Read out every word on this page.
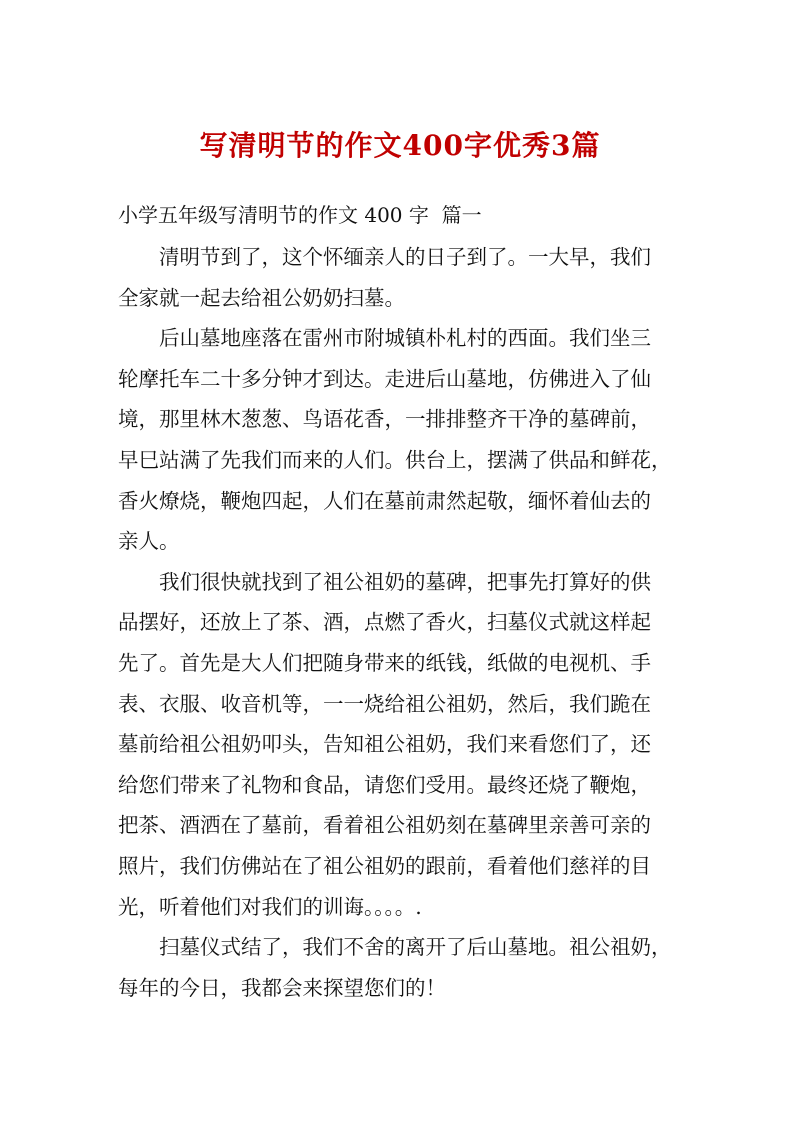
写清明节的作文400字优秀3篇
小学五年级写清明节的作文 400 字  篇一
　　清明节到了，这个怀缅亲人的日子到了。一大早，我们
全家就一起去给祖公奶奶扫墓。
　　后山墓地座落在雷州市附城镇朴札村的西面。我们坐三
轮摩托车二十多分钟才到达。走进后山墓地，仿佛进入了仙
境，那里林木葱葱、鸟语花香，一排排整齐干净的墓碑前，
早巳站满了先我们而来的人们。供台上，摆满了供品和鲜花，
香火燎烧，鞭炮四起，人们在墓前肃然起敬，缅怀着仙去的
亲人。
　　我们很快就找到了祖公祖奶的墓碑，把事先打算好的供
品摆好，还放上了茶、酒，点燃了香火，扫墓仪式就这样起
先了。首先是大人们把随身带来的纸钱，纸做的电视机、手
表、衣服、收音机等，一一烧给祖公祖奶，然后，我们跪在
墓前给祖公祖奶叩头，告知祖公祖奶，我们来看您们了，还
给您们带来了礼物和食品，请您们受用。最终还烧了鞭炮，
把茶、酒洒在了墓前，看着祖公祖奶刻在墓碑里亲善可亲的
照片，我们仿佛站在了祖公祖奶的跟前，看着他们慈祥的目
光，听着他们对我们的训诲。。。。.
　　扫墓仪式结了，我们不舍的离开了后山墓地。祖公祖奶，
每年的今日，我都会来探望您们的！
